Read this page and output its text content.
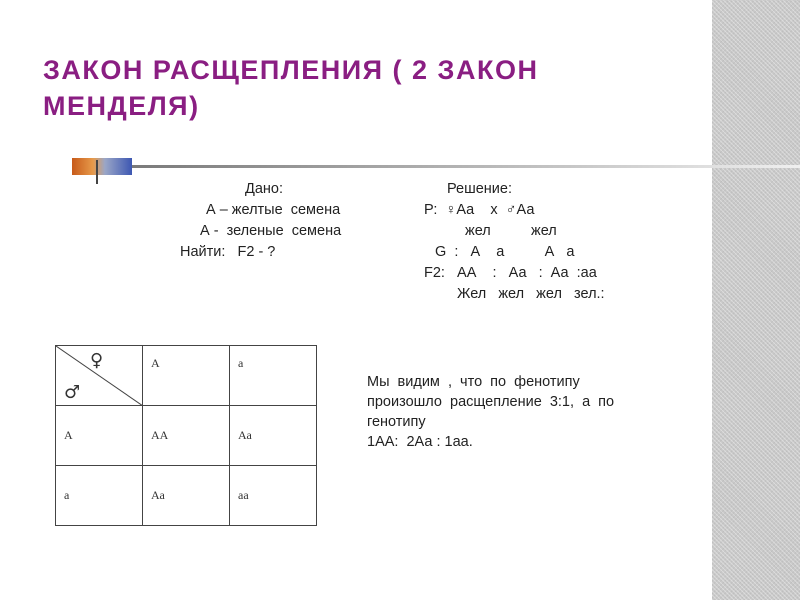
ЗАКОН РАСЩЕПЛЕНИЯ ( 2 ЗАКОН
МЕНДЕЛЯ)
Дано:
А – желтые  семена
А -  зеленые  семена
Найти:   F2 - ?
Решение:
Р:  ♀Аа    х  ♂Аа
жел          жел
G  :   А    а          А   а
F2:   АА    :   Аа   :  Аа  :аа
Жел   жел   жел   зел.:
♀
♂	А	а
А	АА	Аа
а	Аа	аа
Мы  видим  ,  что  по  фенотипу
произошло  расщепление  3:1,  а  по
генотипу
1АА:  2Аа : 1аа.
